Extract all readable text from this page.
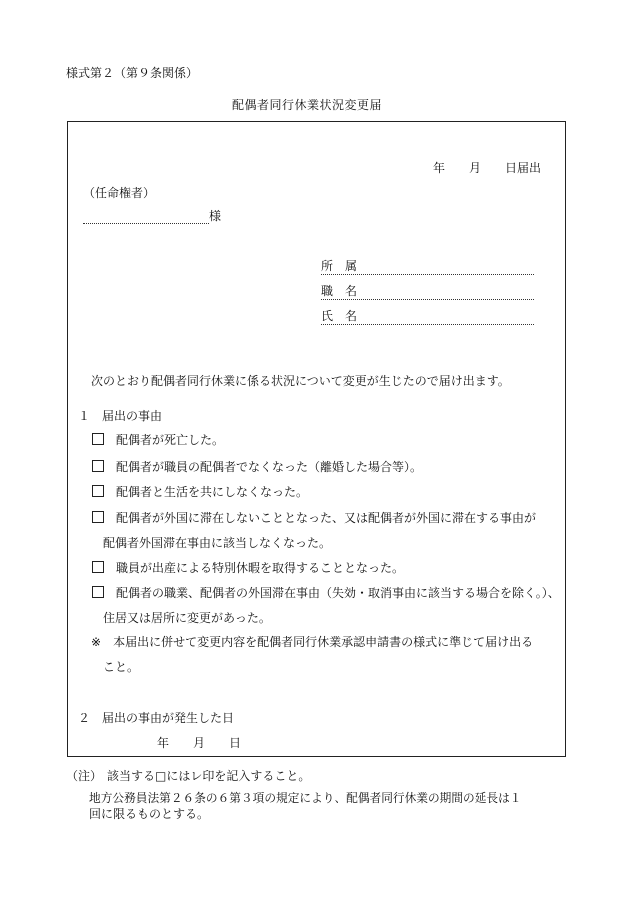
様式第２（第９条関係）
配偶者同行休業状況変更届
年　　月　　日届出
（任命権者）
様
所　属
職　名
氏　名
次のとおり配偶者同行休業に係る状況について変更が生じたので届け出ます。
１　届出の事由
配偶者が死亡した。
配偶者が職員の配偶者でなくなった（離婚した場合等）。
配偶者と生活を共にしなくなった。
配偶者が外国に滞在しないこととなった、又は配偶者が外国に滞在する事由が
配偶者外国滞在事由に該当しなくなった。
職員が出産による特別休暇を取得することとなった。
配偶者の職業、配偶者の外国滞在事由（失効・取消事由に該当する場合を除く。）、
住居又は居所に変更があった。
※ 本届出に併せて変更内容を配偶者同行休業承認申請書の様式に準じて届け出る
こと。
２　届出の事由が発生した日
年　　月　　日
（注） 該当する□にはレ印を記入すること。
地方公務員法第２６条の６第３項の規定により、配偶者同行休業の期間の延長は１
回に限るものとする。
